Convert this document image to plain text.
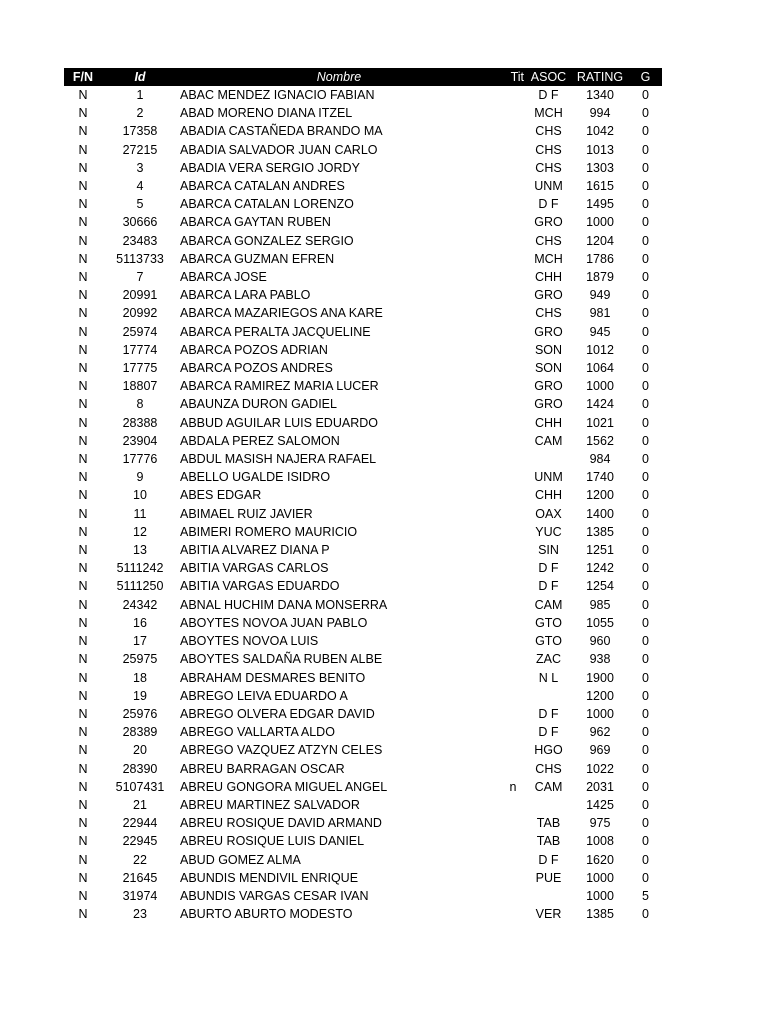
F/N	Id	Nombre	Tit	ASOC	RATING	G
N	1	ABAC MENDEZ IGNACIO FABIAN		D F	1340	0
N	2	ABAD MORENO DIANA ITZEL		MCH	994	0
N	17358	ABADIA CASTAÑEDA BRANDO MA		CHS	1042	0
N	27215	ABADIA SALVADOR JUAN CARLO		CHS	1013	0
N	3	ABADIA VERA SERGIO JORDY		CHS	1303	0
N	4	ABARCA CATALAN ANDRES		UNM	1615	0
N	5	ABARCA CATALAN LORENZO		D F	1495	0
N	30666	ABARCA GAYTAN RUBEN		GRO	1000	0
N	23483	ABARCA GONZALEZ SERGIO		CHS	1204	0
N	5113733	ABARCA GUZMAN EFREN		MCH	1786	0
N	7	ABARCA JOSE		CHH	1879	0
N	20991	ABARCA LARA PABLO		GRO	949	0
N	20992	ABARCA MAZARIEGOS ANA KARE		CHS	981	0
N	25974	ABARCA PERALTA JACQUELINE		GRO	945	0
N	17774	ABARCA POZOS ADRIAN		SON	1012	0
N	17775	ABARCA POZOS ANDRES		SON	1064	0
N	18807	ABARCA RAMIREZ MARIA LUCER		GRO	1000	0
N	8	ABAUNZA DURON GADIEL		GRO	1424	0
N	28388	ABBUD AGUILAR LUIS EDUARDO		CHH	1021	0
N	23904	ABDALA PEREZ SALOMON		CAM	1562	0
N	17776	ABDUL MASISH NAJERA RAFAEL			984	0
N	9	ABELLO UGALDE ISIDRO		UNM	1740	0
N	10	ABES EDGAR		CHH	1200	0
N	11	ABIMAEL RUIZ JAVIER		OAX	1400	0
N	12	ABIMERI ROMERO MAURICIO		YUC	1385	0
N	13	ABITIA ALVAREZ DIANA P		SIN	1251	0
N	5111242	ABITIA VARGAS CARLOS		D F	1242	0
N	5111250	ABITIA VARGAS EDUARDO		D F	1254	0
N	24342	ABNAL HUCHIM DANA MONSERRA		CAM	985	0
N	16	ABOYTES NOVOA JUAN PABLO		GTO	1055	0
N	17	ABOYTES NOVOA LUIS		GTO	960	0
N	25975	ABOYTES SALDAÑA RUBEN ALBE		ZAC	938	0
N	18	ABRAHAM DESMARES BENITO		N L	1900	0
N	19	ABREGO LEIVA EDUARDO A			1200	0
N	25976	ABREGO OLVERA EDGAR DAVID		D F	1000	0
N	28389	ABREGO VALLARTA ALDO		D F	962	0
N	20	ABREGO VAZQUEZ ATZYN CELES		HGO	969	0
N	28390	ABREU BARRAGAN OSCAR		CHS	1022	0
N	5107431	ABREU GONGORA MIGUEL ANGEL	n	CAM	2031	0
N	21	ABREU MARTINEZ SALVADOR			1425	0
N	22944	ABREU ROSIQUE DAVID ARMAND		TAB	975	0
N	22945	ABREU ROSIQUE LUIS DANIEL		TAB	1008	0
N	22	ABUD GOMEZ ALMA		D F	1620	0
N	21645	ABUNDIS MENDIVIL ENRIQUE		PUE	1000	0
N	31974	ABUNDIS VARGAS CESAR IVAN			1000	5
N	23	ABURTO ABURTO MODESTO		VER	1385	0
